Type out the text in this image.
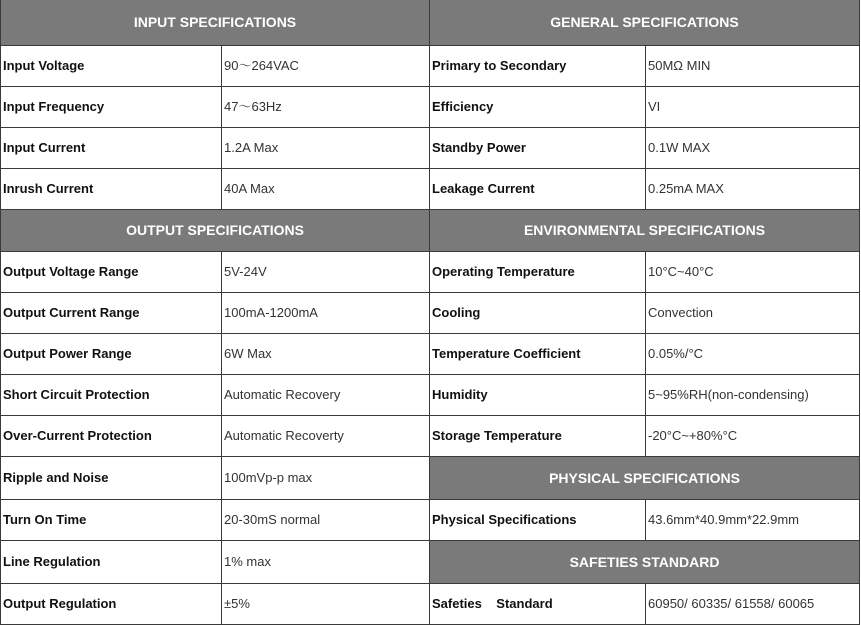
INPUT SPECIFICATIONS		GENERAL SPECIFICATIONS	
Input Voltage	90～264VAC	Primary to Secondary	50MΩ MIN
Input Frequency	47～63Hz	Efficiency	VI
Input Current	1.2A Max	Standby Power	0.1W MAX
Inrush Current	40A Max	Leakage Current	0.25mA MAX
OUTPUT SPECIFICATIONS		ENVIRONMENTAL SPECIFICATIONS	
Output Voltage Range	5V-24V	Operating Temperature	10°C~40°C
Output Current Range	100mA-1200mA	Cooling	Convection
Output Power Range	6W Max	Temperature Coefficient	0.05%/°C
Short Circuit Protection	Automatic Recovery	Humidity	5~95%RH(non-condensing)
Over-Current Protection	Automatic Recoverty	Storage Temperature	-20°C~+80%°C
Ripple and Noise	100mVp-p max	PHYSICAL SPECIFICATIONS	
Turn On Time	20-30mS normal	Physical Specifications	43.6mm*40.9mm*22.9mm
Line Regulation	1% max	SAFETIES STANDARD	
Output Regulation	±5%	Safeties    Standard	60950/ 60335/ 61558/ 60065
